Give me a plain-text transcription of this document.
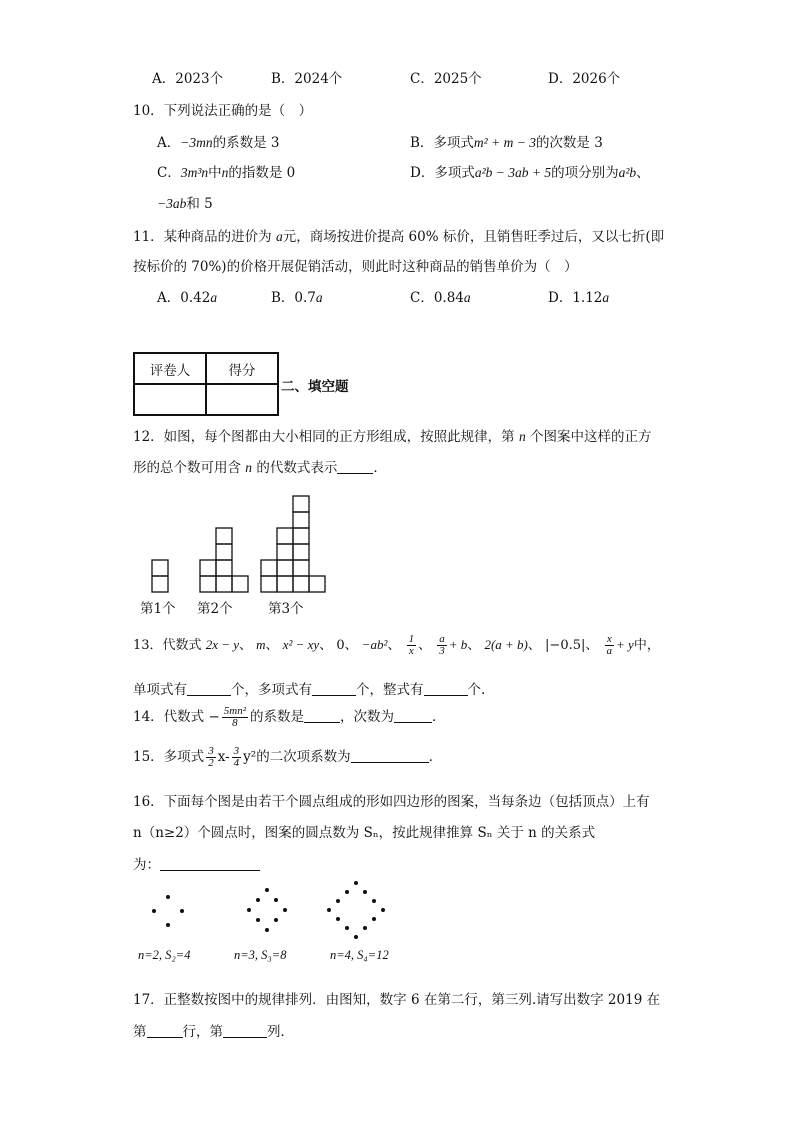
A．2023个	B．2024个	C．2025个	D．2026个
10．下列说法正确的是（　）
A．−3mn的系数是 3	B．多项式m² + m − 3的次数是 3
C．3m³n中n的指数是 0	D．多项式a²b − 3ab + 5的项分别为a²b、
−3ab和 5
11．某种商品的进价为 a元，商场按进价提高 60% 标价，且销售旺季过后，又以七折(即
按标价的 70%)的价格开展促销活动，则此时这种商品的销售单价为（　）
A．0.42a	B．0.7a	C．0.84a	D．1.12a
评卷人	得分

二、填空题
12．如图，每个图都由大小相同的正方形组成，按照此规律，第 n 个图案中这样的正方
形的总个数可用含 n 的代数式表示	．
第1个 第2个	第3个
13．代数式 2x − y、 m、 x² − xy、 0、 −ab²、 $\frac{1}{x}$ 、 $\frac{a}{3} + b$、 2(a + b)、 |−0.5|、 $\frac{x}{a} + y$中，
单项式有	个，多项式有	个，整式有	个.
14．代数式 − $\frac{\text{5mn²}}{8}$ 的系数是	，次数为	．
15．多项式 $\frac{3}{2} x- \frac{3}{4} y^2$的二次项系数为	．
16．下面每个图是由若干个圆点组成的形如四边形的图案，当每条边（包括顶点）上有
n（n≥2）个圆点时，图案的圆点数为 Sₙ，按此规律推算 Sₙ 关于 n 的关系式
为：
n=2, S₂=4	n=3, S₃=8	n=4, S₄=12
17．正整数按图中的规律排列．由图知，数字 6 在第二行，第三列.请写出数字 2019 在
第	行，第	列．
